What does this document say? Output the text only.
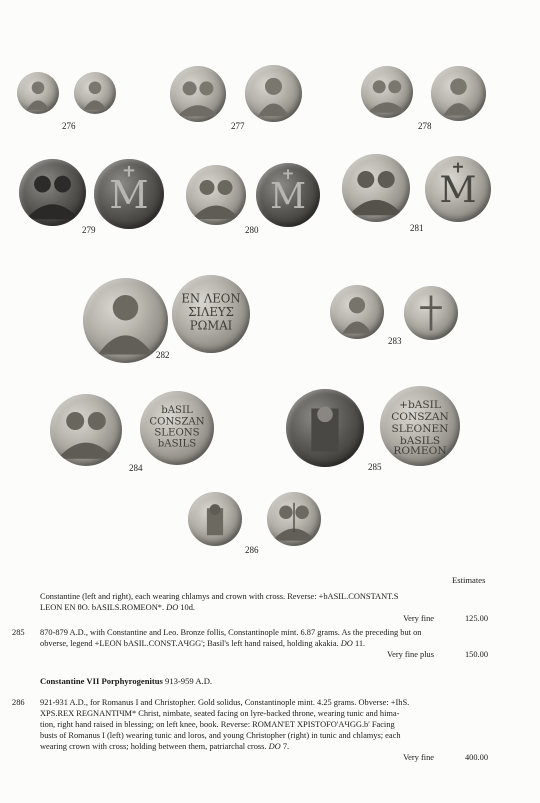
276	277	278
M
279
M
280
M
281
ΕΝ ΛΕΟΝ
ΣΙΛΕΥΣ
ΡΩΜΑΙ
282
283
bASIL
CONSZAN
SLEONS
bASILS
284
+bASIL
CONSZAN
SLEONEN
bASILS
ROMEON
285
286
Estimates
Constantine (left and right), each wearing chlamys and crown with cross. Reverse: +bASIL.CONSTANT.S
LEON EN θO. bASILS.ROMEON*. DO 10d.
Very fine	125.00
285 870-879 A.D., with Constantine and Leo. Bronze follis, Constantinople mint. 6.87 grams. As the preceding but on
obverse, legend +LEON bASIL.CONST.AЧGG'; Basil's left hand raised, holding akakia. DO 11.
Very fine plus	150.00
Constantine VII Porphyrogenitus 913-959 A.D.
286 921-931 A.D., for Romanus I and Christopher. Gold solidus, Constantinople mint. 4.25 grams. Obverse: +IhS.
XPS.REX REGNANTIЧM* Christ, nimbate, seated facing on lyre-backed throne, wearing tunic and hima-
tion, right hand raised in blessing; on left knee, book. Reverse: ROMAN'ET XPISTOFO'AЧGG.b' Facing
busts of Romanus I (left) wearing tunic and loros, and young Christopher (right) in tunic and chlamys; each
wearing crown with cross; holding between them, patriarchal cross. DO 7.
Very fine	400.00
